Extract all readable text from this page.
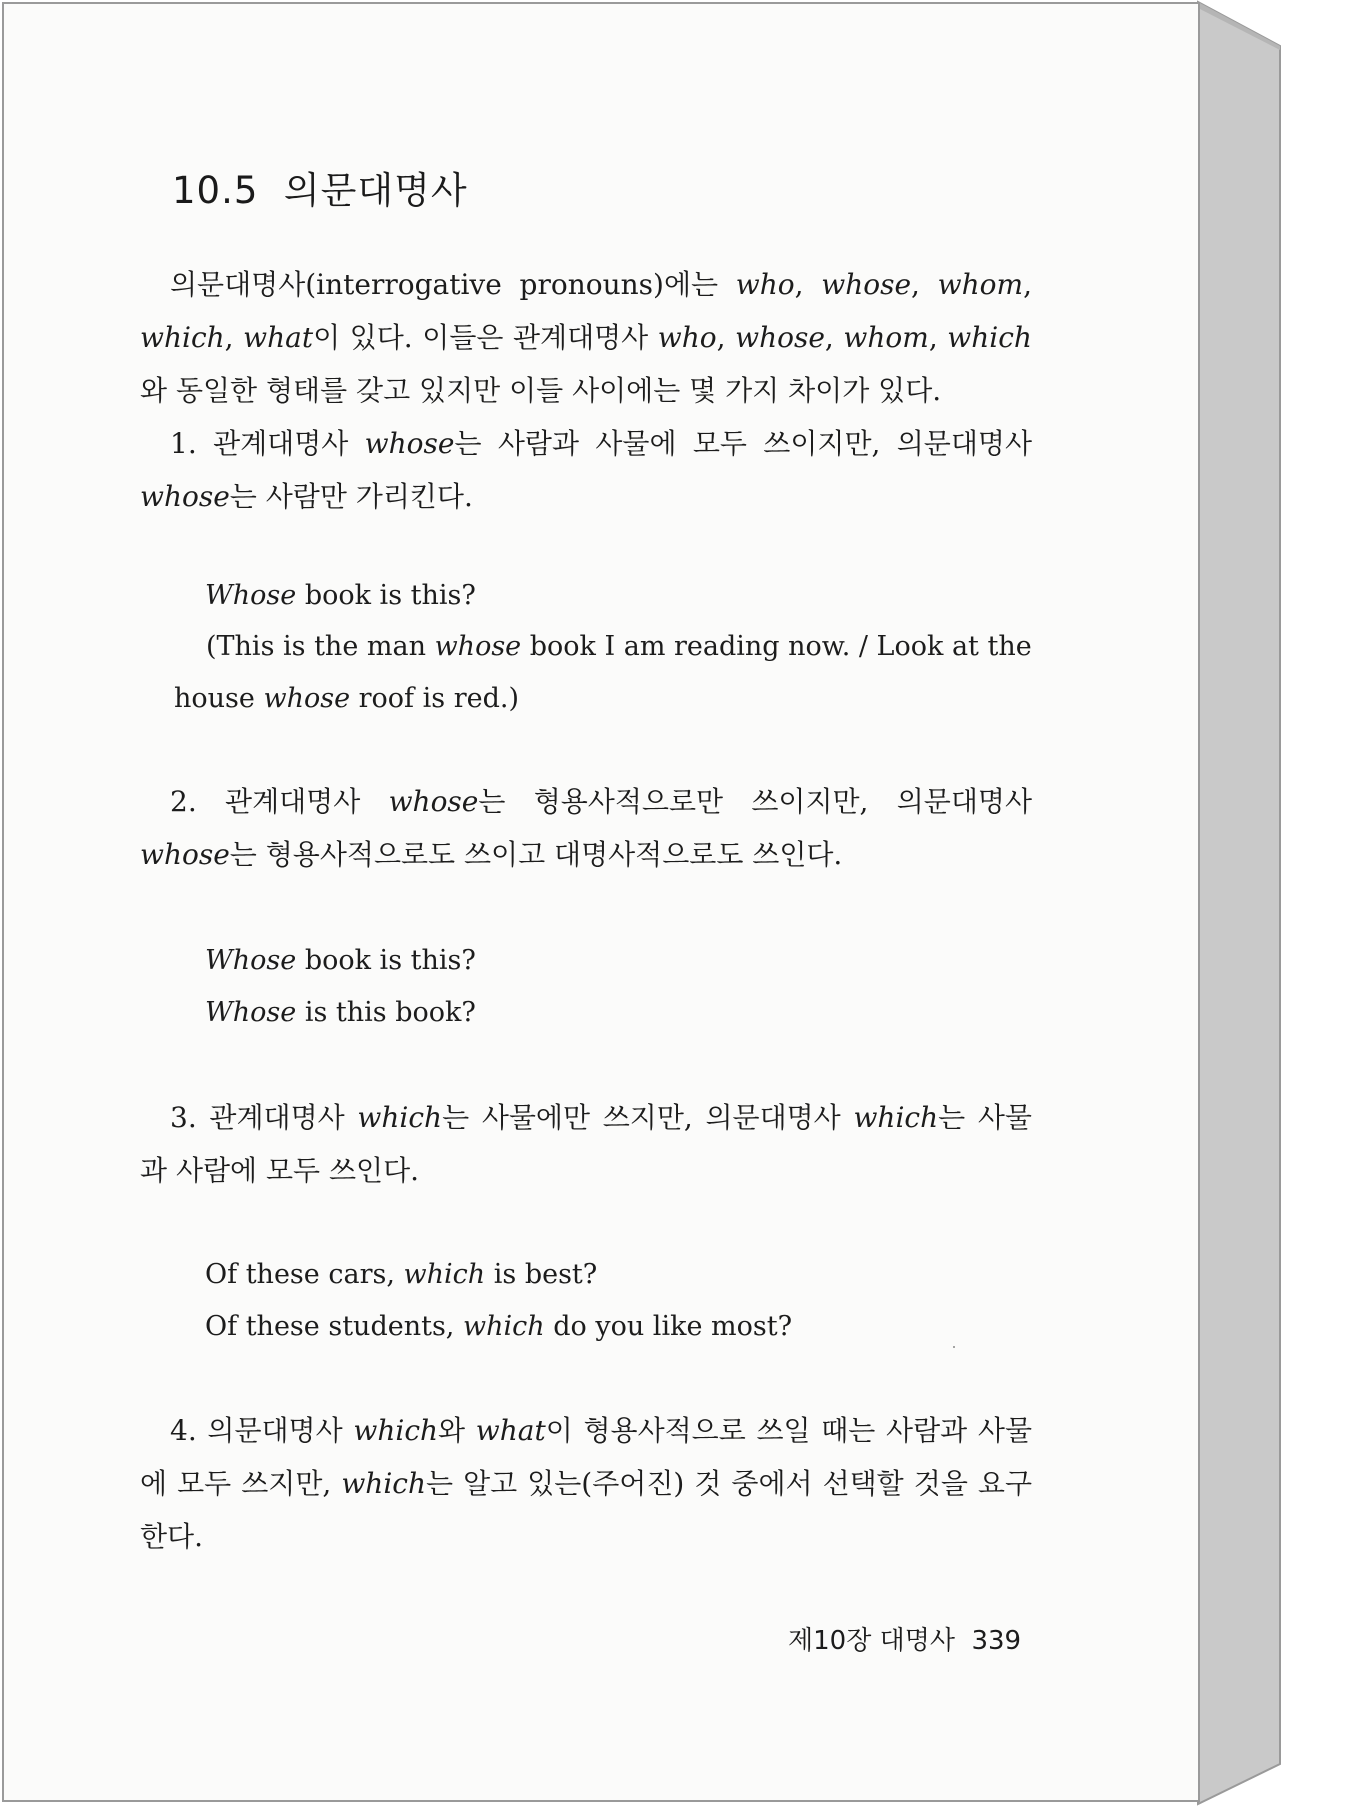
10.5 의문대명사
의문대명사(interrogative pronouns)에는 who, whose, whom, which, what이 있다. 이들은 관계대명사 who, whose, whom, which와 동일한 형태를 갖고 있지만 이들 사이에는 몇 가지 차이가 있다.
1. 관계대명사 whose는 사람과 사물에 모두 쓰이지만, 의문대명사 whose는 사람만 가리킨다.
Whose book is this?
(This is the man whose book I am reading now. / Look at the house whose roof is red.)
2. 관계대명사 whose는 형용사적으로만 쓰이지만, 의문대명사 whose는 형용사적으로도 쓰이고 대명사적으로도 쓰인다.
Whose book is this?
Whose is this book?
3. 관계대명사 which는 사물에만 쓰지만, 의문대명사 which는 사물과 사람에 모두 쓰인다.
Of these cars, which is best?
Of these students, which do you like most?
4. 의문대명사 which와 what이 형용사적으로 쓰일 때는 사람과 사물에 모두 쓰지만, which는 알고 있는(주어진) 것 중에서 선택할 것을 요구한다.
제10장 대명사 339
